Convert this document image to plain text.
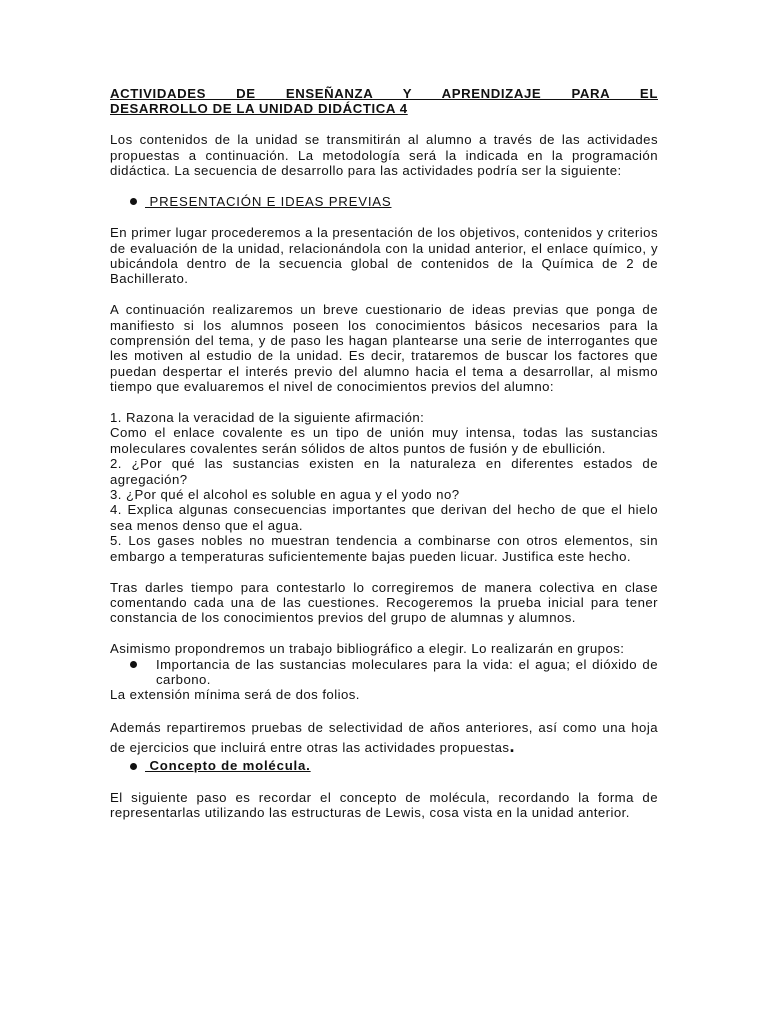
ACTIVIDADES DE ENSEÑANZA Y APRENDIZAJE PARA EL
DESARROLLO DE LA UNIDAD DIDÁCTICA 4

Los contenidos de la unidad se transmitirán al alumno a través de las actividades propuestas a continuación. La metodología será la indicada en la programación didáctica. La secuencia de desarrollo para las actividades podría ser la siguiente:

PRESENTACIÓN E IDEAS PREVIAS

En primer lugar procederemos a la presentación de los objetivos, contenidos y criterios de evaluación de la unidad, relacionándola con la unidad anterior, el enlace químico, y ubicándola dentro de la secuencia global de contenidos de la Química de 2 de Bachillerato.

A continuación realizaremos un breve cuestionario de ideas previas que ponga de manifiesto si los alumnos poseen los conocimientos básicos necesarios para la comprensión del tema, y de paso les hagan plantearse una serie de interrogantes que les motiven al estudio de la unidad. Es decir, trataremos de buscar los factores que puedan despertar el interés previo del alumno hacia el tema a desarrollar, al mismo tiempo que evaluaremos el nivel de conocimientos previos del alumno:

1. Razona la veracidad de la siguiente afirmación:

Como el enlace covalente es un tipo de unión muy intensa, todas las sustancias moleculares covalentes serán sólidos de altos puntos de fusión y de ebullición.

2. ¿Por qué las sustancias existen en la naturaleza en diferentes estados de agregación?

3. ¿Por qué el alcohol es soluble en agua y el yodo no?

4. Explica algunas consecuencias importantes que derivan del hecho de que el hielo sea menos denso que el agua.

5. Los gases nobles no muestran tendencia a combinarse con otros elementos, sin embargo a temperaturas suficientemente bajas pueden licuar. Justifica este hecho.

Tras darles tiempo para contestarlo lo corregiremos de manera colectiva en clase comentando cada una de las cuestiones. Recogeremos la prueba inicial para tener constancia de los conocimientos previos del grupo de alumnas y alumnos.

Asimismo propondremos un trabajo bibliográfico a elegir. Lo realizarán en grupos:

Importancia de las sustancias moleculares para la vida: el agua; el dióxido de carbono.

La extensión mínima será de dos folios.

Además repartiremos pruebas de selectividad de años anteriores, así como una hoja de ejercicios que incluirá entre otras las actividades propuestas.

Concepto de molécula.

El siguiente paso es recordar el concepto de molécula, recordando la forma de representarlas utilizando las estructuras de Lewis, cosa vista en la unidad anterior.
